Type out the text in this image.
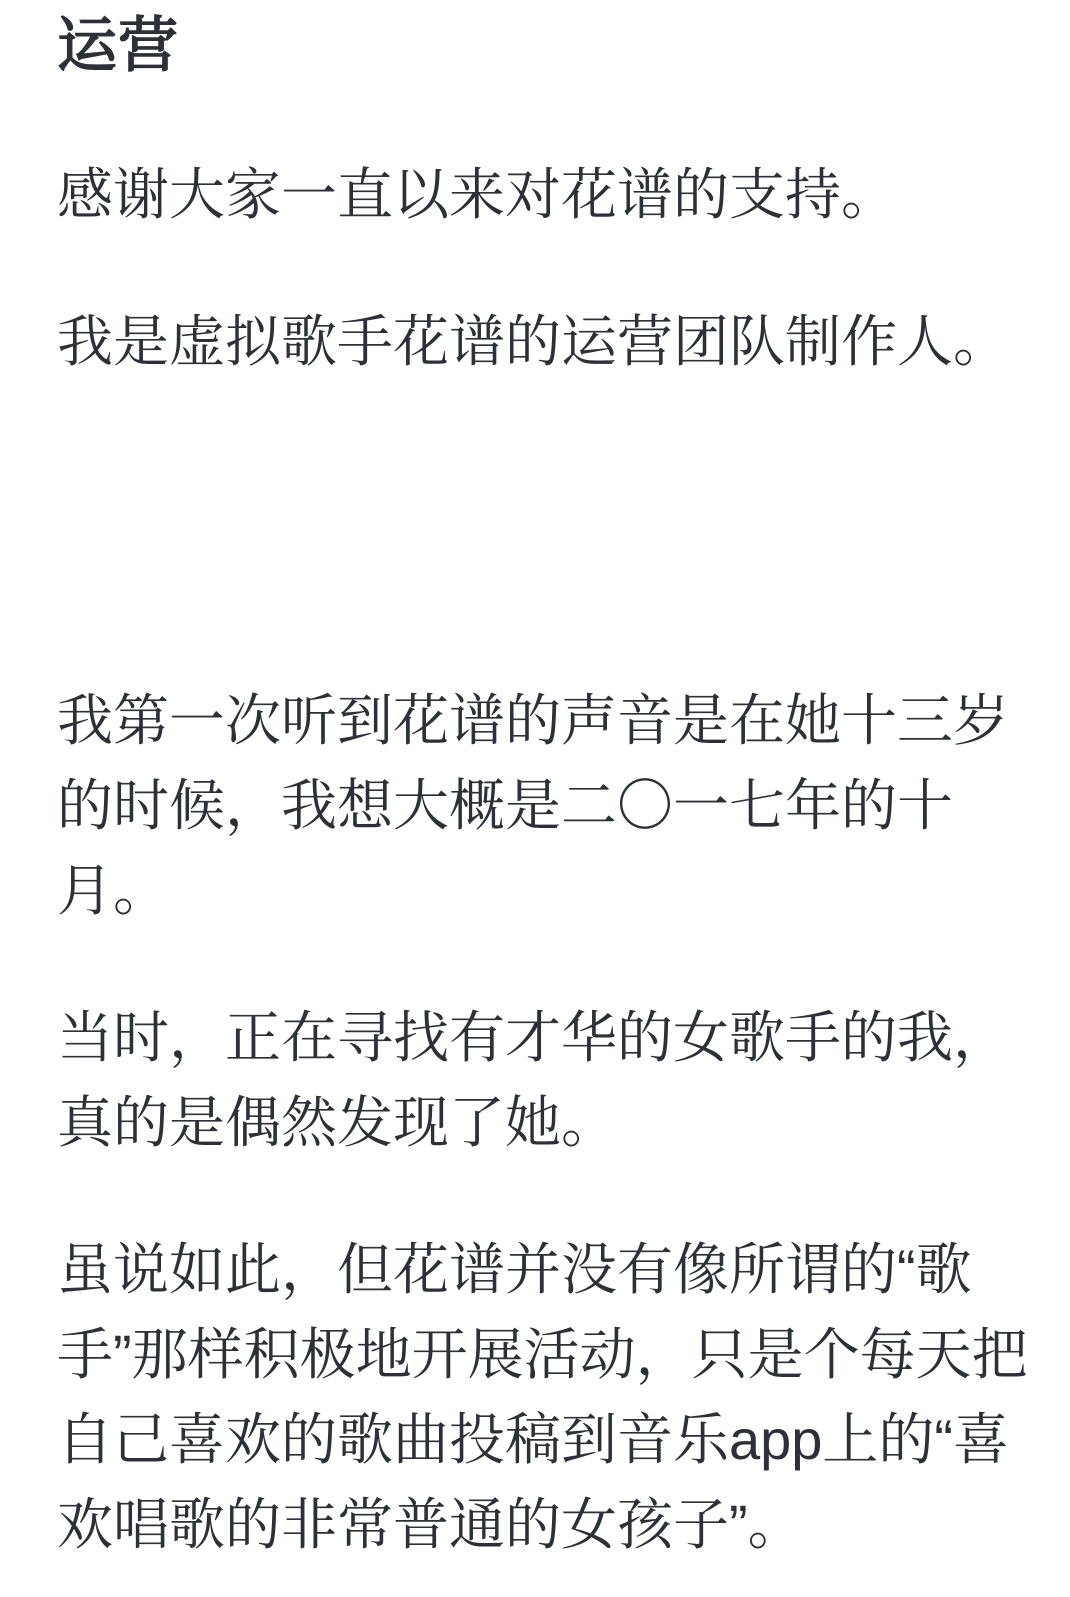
运营
感谢大家一直以来对花谱的支持。
我是虚拟歌手花谱的运营团队制作人。
我第一次听到花谱的声音是在她十三岁
的时候，我想大概是二〇一七年的十
月。
当时，正在寻找有才华的女歌手的我，
真的是偶然发现了她。
虽说如此，但花谱并没有像所谓的“歌
手”那样积极地开展活动，只是个每天把
自己喜欢的歌曲投稿到音乐app上的“喜
欢唱歌的非常普通的女孩子”。
